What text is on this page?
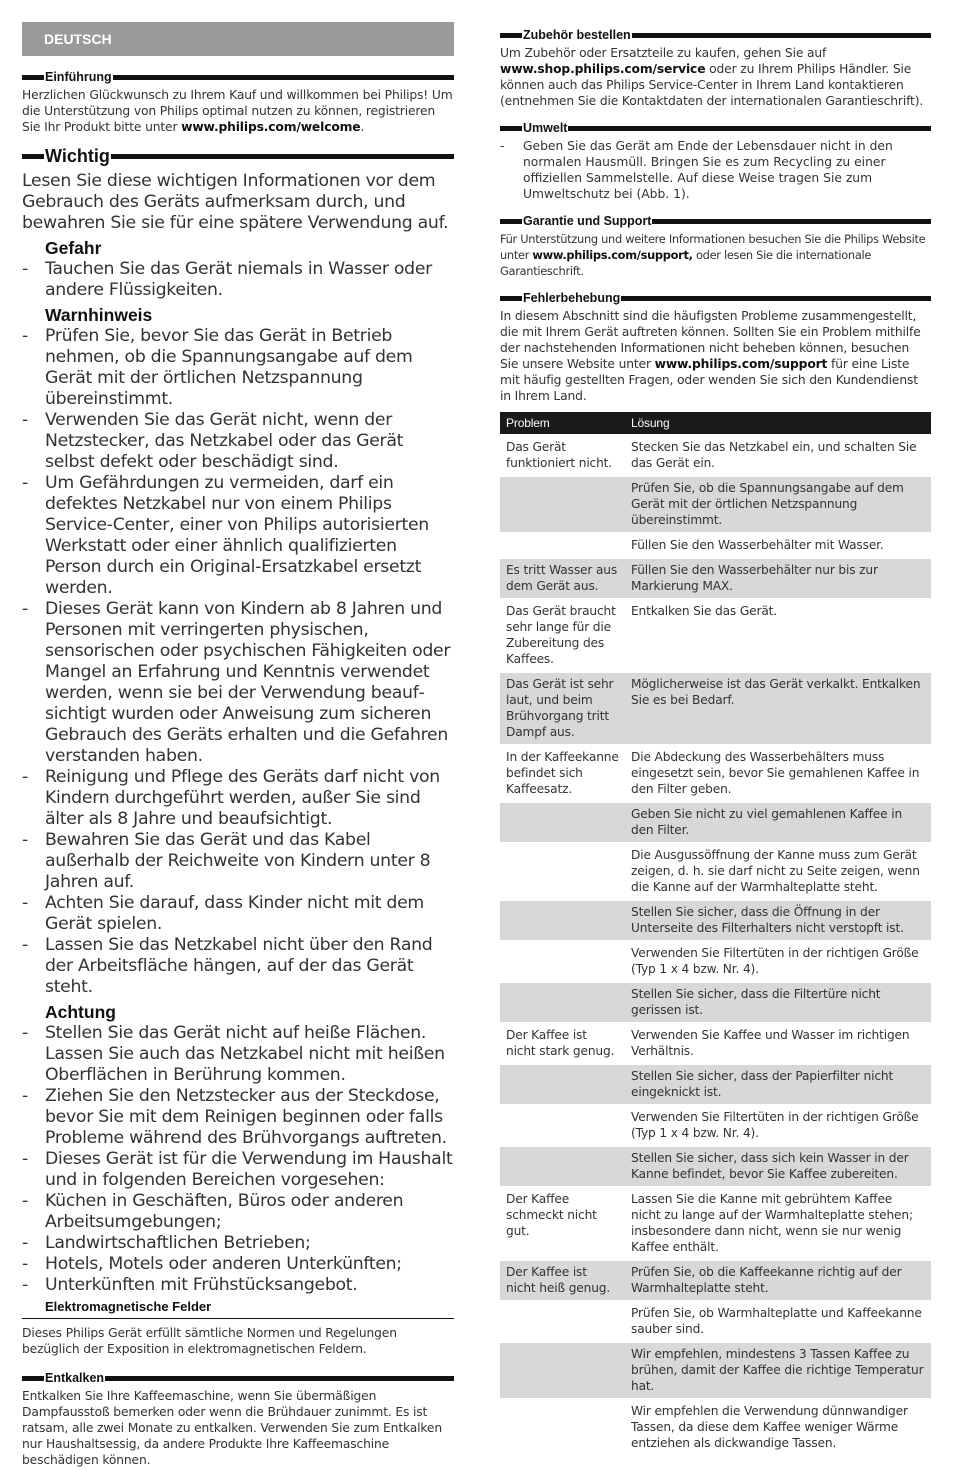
DEUTSCH
Einführung
Herzlichen Glückwunsch zu Ihrem Kauf und willkommen bei Philips! Um die Unterstützung von Philips optimal nutzen zu können, registrieren Sie Ihr Produkt bitte unter www.philips.com/welcome.
Wichtig
Lesen Sie diese wichtigen Informationen vor dem Gebrauch des Geräts aufmerksam durch, und bewahren Sie sie für eine spätere Verwendung auf.
Gefahr
- Tauchen Sie das Gerät niemals in Wasser oder andere Flüssigkeiten.
Warnhinweis
- Prüfen Sie, bevor Sie das Gerät in Betrieb nehmen, ob die Spannungsangabe auf dem Gerät mit der örtlichen Netzspannung übereinstimmt.
- Verwenden Sie das Gerät nicht, wenn der Netzstecker, das Netzkabel oder das Gerät selbst defekt oder beschädigt sind.
- Um Gefährdungen zu vermeiden, darf ein defektes Netzkabel nur von einem Philips Service-Center, einer von Philips autorisierten Werkstatt oder einer ähnlich qualifizierten Person durch ein Original-Ersatzkabel ersetzt werden.
- Dieses Gerät kann von Kindern ab 8 Jahren und Personen mit verringerten physischen, sensorischen oder psychischen Fähigkeiten oder Mangel an Erfahrung und Kenntnis verwendet werden, wenn sie bei der Verwendung beaufsichtigt wurden oder Anweisung zum sicheren Gebrauch des Geräts erhalten und die Gefahren verstanden haben.
- Reinigung und Pflege des Geräts darf nicht von Kindern durchgeführt werden, außer Sie sind älter als 8 Jahre und beaufsichtigt.
- Bewahren Sie das Gerät und das Kabel außerhalb der Reichweite von Kindern unter 8 Jahren auf.
- Achten Sie darauf, dass Kinder nicht mit dem Gerät spielen.
- Lassen Sie das Netzkabel nicht über den Rand der Arbeitsfläche hängen, auf der das Gerät steht.
Achtung
- Stellen Sie das Gerät nicht auf heiße Flächen. Lassen Sie auch das Netzkabel nicht mit heißen Oberflächen in Berührung kommen.
- Ziehen Sie den Netzstecker aus der Steckdose, bevor Sie mit dem Reinigen beginnen oder falls Probleme während des Brühvorgangs auftreten.
- Dieses Gerät ist für die Verwendung im Haushalt und in folgenden Bereichen vorgesehen:
- Küchen in Geschäften, Büros oder anderen Arbeitsumgebungen;
- Landwirtschaftlichen Betrieben;
- Hotels, Motels oder anderen Unterkünften;
- Unterkünften mit Frühstücksangebot.
Elektromagnetische Felder
Dieses Philips Gerät erfüllt sämtliche Normen und Regelungen bezüglich der Exposition in elektromagnetischen Feldern.
Entkalken
Entkalken Sie Ihre Kaffeemaschine, wenn Sie übermäßigen Dampfausstoß bemerken oder wenn die Brühdauer zunimmt. Es ist ratsam, alle zwei Monate zu entkalken. Verwenden Sie zum Entkalken nur Haushaltsessig, da andere Produkte Ihre Kaffeemaschine beschädigen können.
Zubehör bestellen
Um Zubehör oder Ersatzteile zu kaufen, gehen Sie auf www.shop.philips.com/service oder zu Ihrem Philips Händler. Sie können auch das Philips Service-Center in Ihrem Land kontaktieren (entnehmen Sie die Kontaktdaten der internationalen Garantieschrift).
Umwelt
-	Geben Sie das Gerät am Ende der Lebensdauer nicht in den normalen Hausmüll. Bringen Sie es zum Recycling zu einer offiziellen Sammelstelle. Auf diese Weise tragen Sie zum Umweltschutz bei (Abb. 1).
Garantie und Support
Für Unterstützung und weitere Informationen besuchen Sie die Philips Website unter www.philips.com/support, oder lesen Sie die internationale Garantieschrift.
Fehlerbehebung
In diesem Abschnitt sind die häufigsten Probleme zusammengestellt, die mit Ihrem Gerät auftreten können. Sollten Sie ein Problem mithilfe der nachstehenden Informationen nicht beheben können, besuchen Sie unsere Website unter www.philips.com/support für eine Liste mit häufig gestellten Fragen, oder wenden Sie sich den Kundendienst in Ihrem Land.
Problem	Lösung
Das Gerät funktioniert nicht.	Stecken Sie das Netzkabel ein, und schalten Sie das Gerät ein.
	Prüfen Sie, ob die Spannungsangabe auf dem Gerät mit der örtlichen Netzspannung übereinstimmt.
	Füllen Sie den Wasserbehälter mit Wasser.
Es tritt Wasser aus dem Gerät aus.	Füllen Sie den Wasserbehälter nur bis zur Markierung MAX.
Das Gerät braucht sehr lange für die Zubereitung des Kaffees.	Entkalken Sie das Gerät.
Das Gerät ist sehr laut, und beim Brühvorgang tritt Dampf aus.	Möglicherweise ist das Gerät verkalkt. Entkalken Sie es bei Bedarf.
In der Kaffeekanne befindet sich Kaffeesatz.	Die Abdeckung des Wasserbehälters muss eingesetzt sein, bevor Sie gemahlenen Kaffee in den Filter geben.
	Geben Sie nicht zu viel gemahlenen Kaffee in den Filter.
	Die Ausgussöffnung der Kanne muss zum Gerät zeigen, d. h. sie darf nicht zu Seite zeigen, wenn die Kanne auf der Warmhalteplatte steht.
	Stellen Sie sicher, dass die Öffnung in der Unterseite des Filterhalters nicht verstopft ist.
	Verwenden Sie Filtertüten in der richtigen Größe (Typ 1 x 4 bzw. Nr. 4).
	Stellen Sie sicher, dass die Filtertüre nicht gerissen ist.
Der Kaffee ist nicht stark genug.	Verwenden Sie Kaffee und Wasser im richtigen Verhältnis.
	Stellen Sie sicher, dass der Papierfilter nicht eingeknickt ist.
	Verwenden Sie Filtertüten in der richtigen Größe (Typ 1 x 4 bzw. Nr. 4).
	Stellen Sie sicher, dass sich kein Wasser in der Kanne befindet, bevor Sie Kaffee zubereiten.
Der Kaffee schmeckt nicht gut.	Lassen Sie die Kanne mit gebrühtem Kaffee nicht zu lange auf der Warmhalteplatte stehen; insbesondere dann nicht, wenn sie nur wenig Kaffee enthält.
Der Kaffee ist nicht heiß genug.	Prüfen Sie, ob die Kaffeekanne richtig auf der Warmhalteplatte steht.
	Prüfen Sie, ob Warmhalteplatte und Kaffeekanne sauber sind.
	Wir empfehlen, mindestens 3 Tassen Kaffee zu brühen, damit der Kaffee die richtige Temperatur hat.
	Wir empfehlen die Verwendung dünnwandiger Tassen, da diese dem Kaffee weniger Wärme entziehen als dickwandige Tassen.
